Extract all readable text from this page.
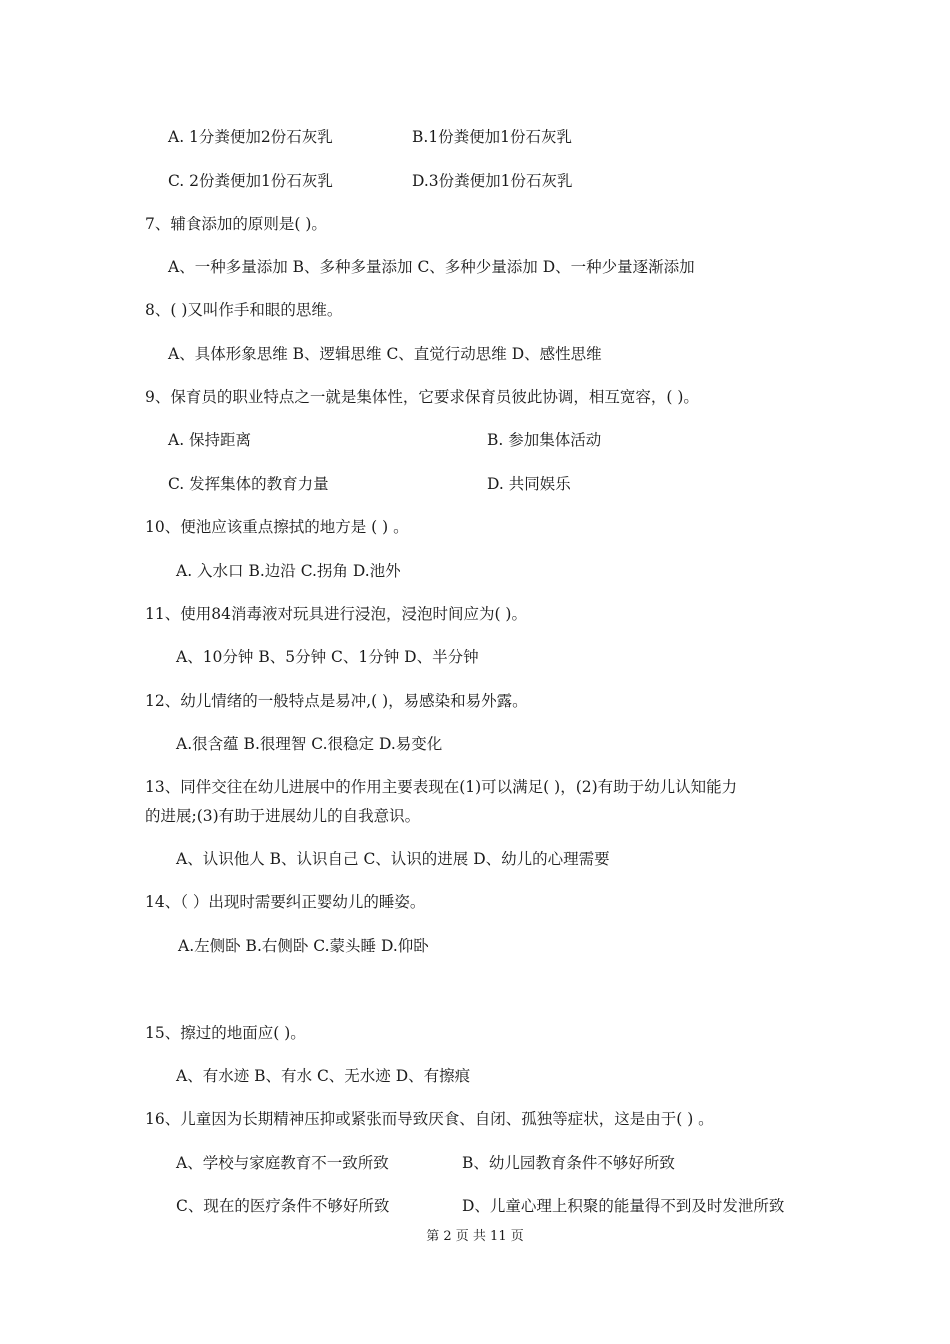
A. 1分粪便加2份石灰乳	B.1份粪便加1份石灰乳
C. 2份粪便加1份石灰乳	D.3份粪便加1份石灰乳
7、辅食添加的原则是( )。
A、一种多量添加 B、多种多量添加 C、多种少量添加 D、一种少量逐渐添加
8、( )又叫作手和眼的思维。
A、具体形象思维 B、逻辑思维 C、直觉行动思维 D、感性思维
9、保育员的职业特点之一就是集体性，它要求保育员彼此协调，相互宽容，( )。
A. 保持距离	B. 参加集体活动
C. 发挥集体的教育力量	D. 共同娱乐
10、便池应该重点擦拭的地方是 ( ) 。
A. 入水口 B.边沿 C.拐角 D.池外
11、使用84消毒液对玩具进行浸泡，浸泡时间应为( )。
A、10分钟 B、5分钟 C、1分钟 D、半分钟
12、幼儿情绪的一般特点是易冲,( )，易感染和易外露。
A.很含蕴 B.很理智 C.很稳定 D.易变化
13、同伴交往在幼儿进展中的作用主要表现在(1)可以满足( )，(2)有助于幼儿认知能力
的进展;(3)有助于进展幼儿的自我意识。
A、认识他人 B、认识自己 C、认识的进展 D、幼儿的心理需要
14、（ ）出现时需要纠正婴幼儿的睡姿。
A.左侧卧 B.右侧卧 C.蒙头睡 D.仰卧
15、擦过的地面应( )。
A、有水迹 B、有水 C、无水迹 D、有擦痕
16、儿童因为长期精神压抑或紧张而导致厌食、自闭、孤独等症状，这是由于( ) 。
A、学校与家庭教育不一致所致	B、幼儿园教育条件不够好所致
C、现在的医疗条件不够好所致	D、儿童心理上积聚的能量得不到及时发泄所致
第 2 页 共 11 页
